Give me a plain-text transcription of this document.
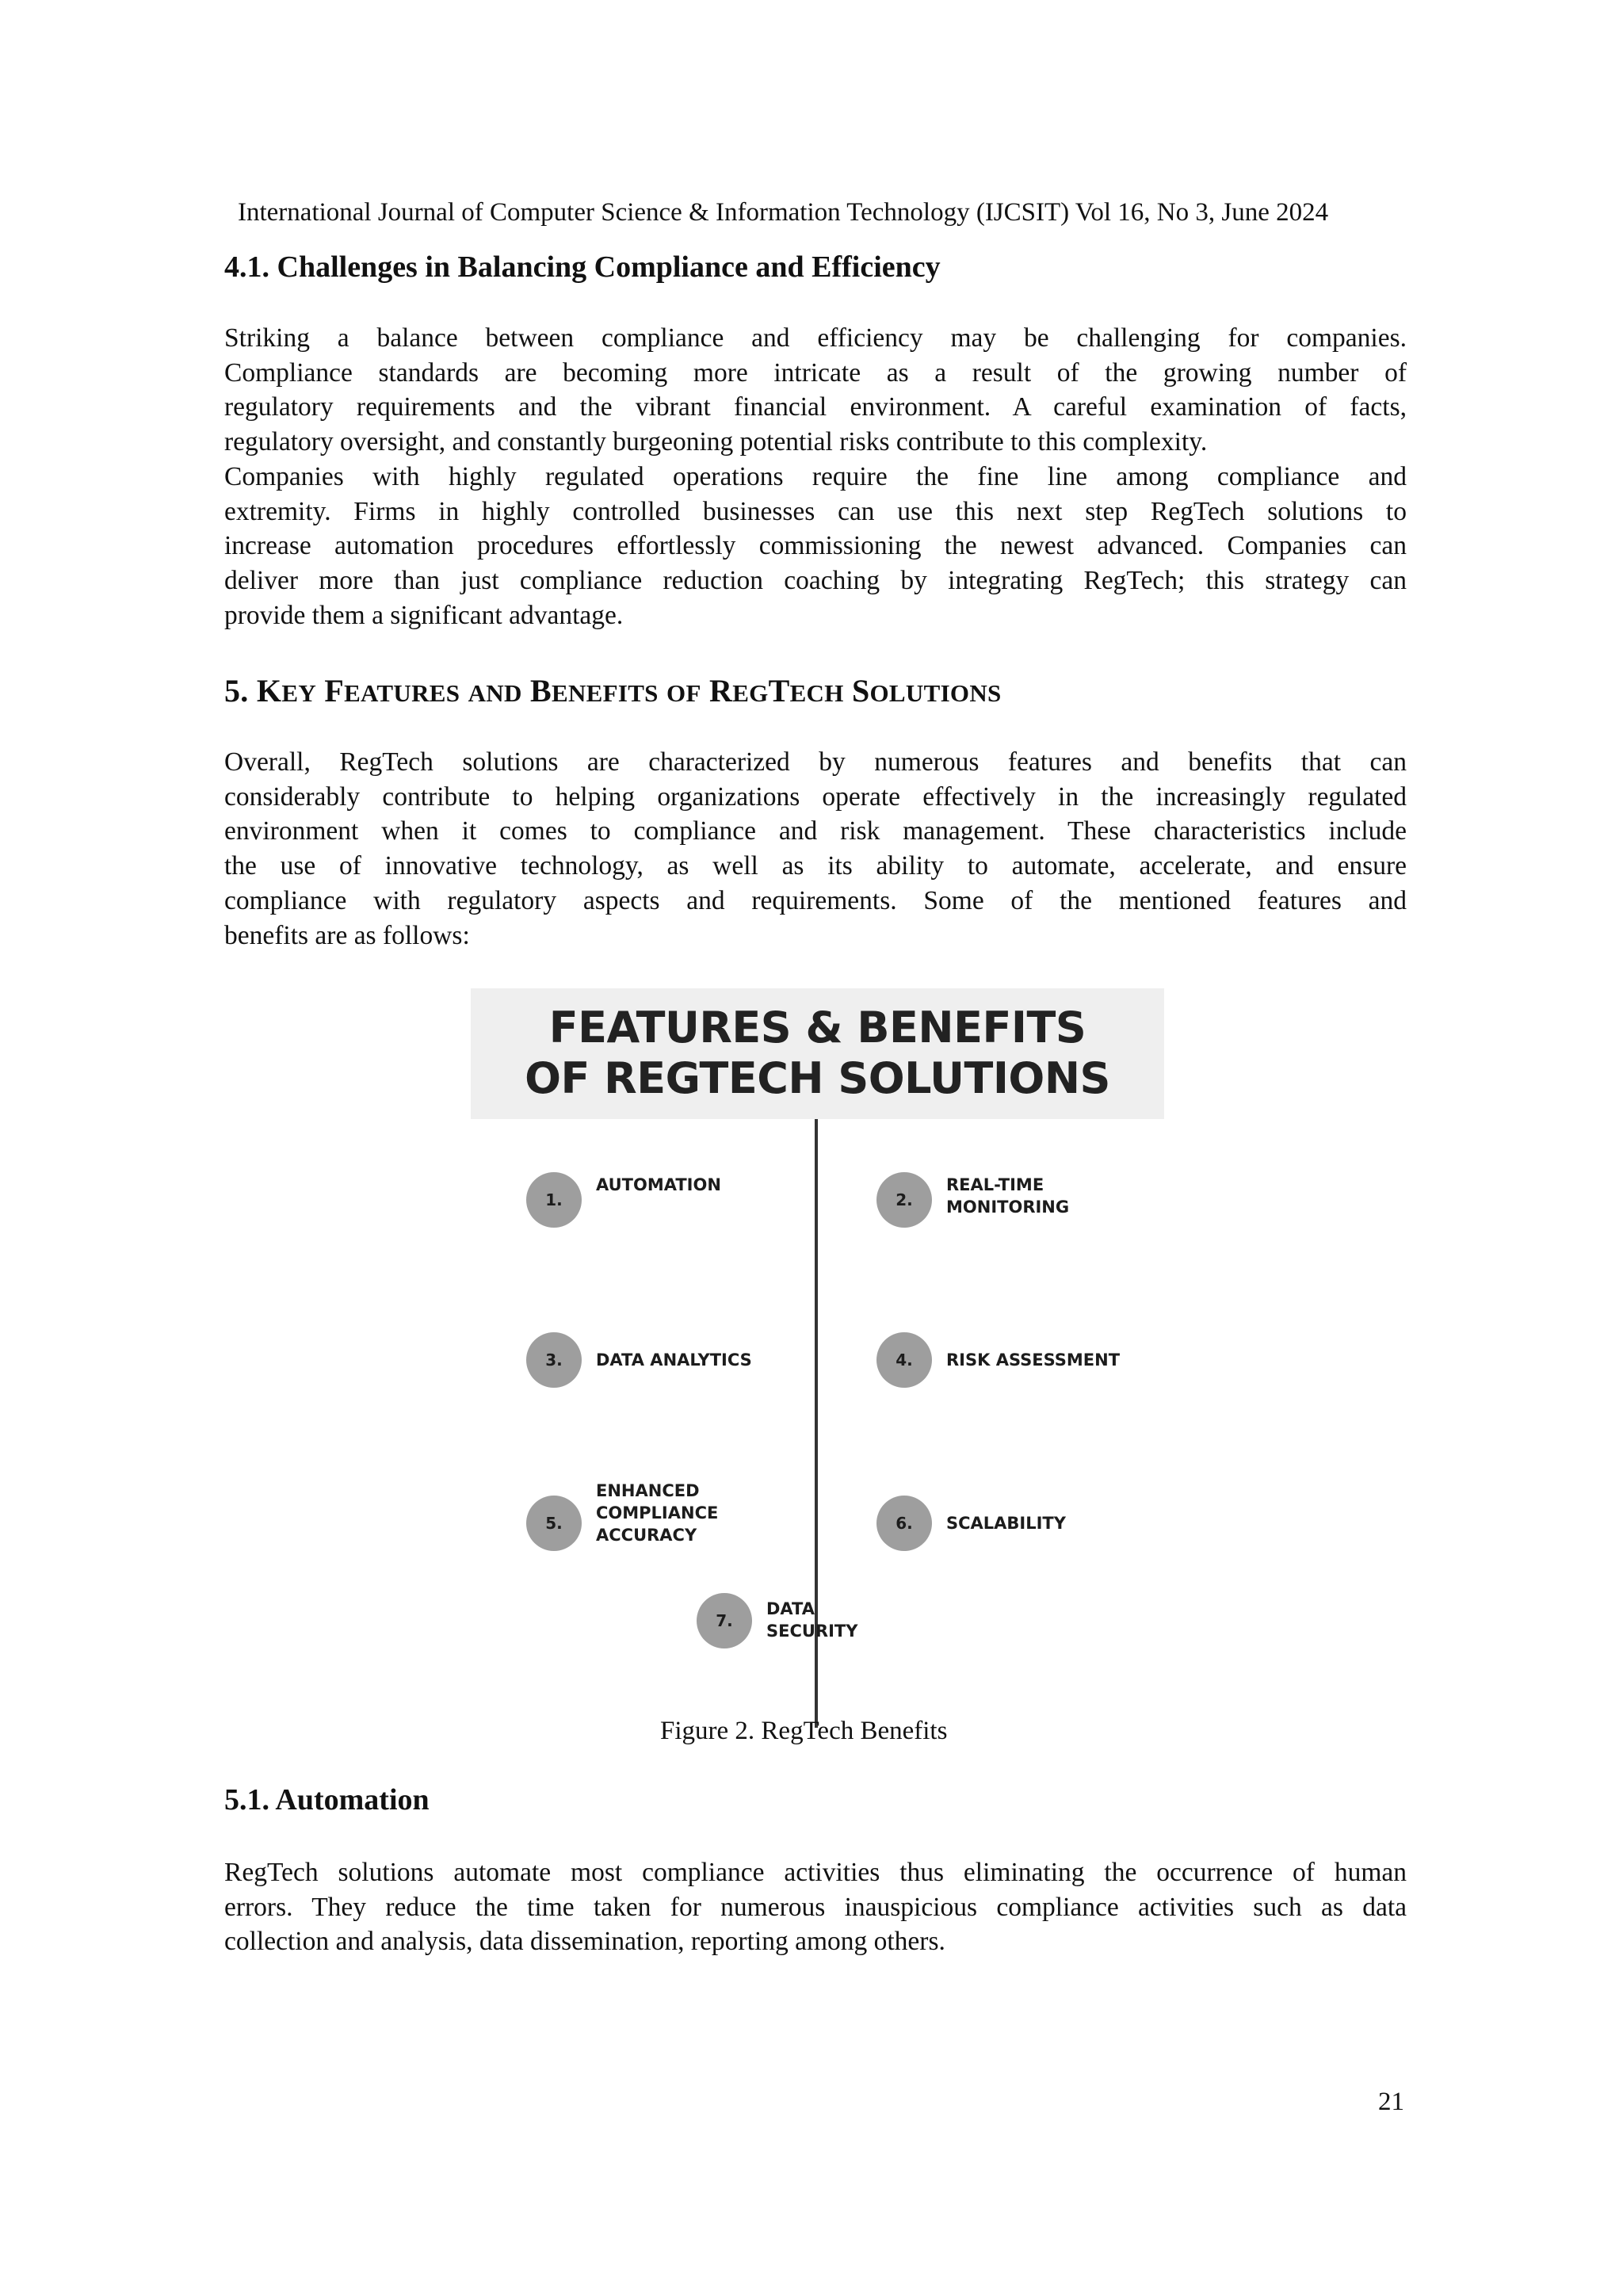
International Journal of Computer Science & Information Technology (IJCSIT) Vol 16, No 3, June 2024
4.1. Challenges in Balancing Compliance and Efficiency
Striking a balance between compliance and efficiency may be challenging for companies.
Compliance standards are becoming more intricate as a result of the growing number of
regulatory requirements and the vibrant financial environment. A careful examination of facts,
regulatory oversight, and constantly burgeoning potential risks contribute to this complexity.
Companies with highly regulated operations require the fine line among compliance and
extremity. Firms in highly controlled businesses can use this next step RegTech solutions to
increase automation procedures effortlessly commissioning the newest advanced. Companies can
deliver more than just compliance reduction coaching by integrating RegTech; this strategy can
provide them a significant advantage.
5. KEY FEATURES AND BENEFITS OF REGTECH SOLUTIONS
Overall, RegTech solutions are characterized by numerous features and benefits that can
considerably contribute to helping organizations operate effectively in the increasingly regulated
environment when it comes to compliance and risk management. These characteristics include
the use of innovative technology, as well as its ability to automate, accelerate, and ensure
compliance with regulatory aspects and requirements. Some of the mentioned features and
benefits are as follows:
FEATURES & BENEFITS
OF REGTECH SOLUTIONS
1.
AUTOMATION
2.
REAL-TIME
MONITORING
3.	DATA ANALYTICS	4.	RISK ASSESSMENT
5.
ENHANCED
COMPLIANCE
ACCURACY
6.	SCALABILITY
7.
DATA
SECURITY
Figure 2. RegTech Benefits
5.1. Automation
RegTech solutions automate most compliance activities thus eliminating the occurrence of human
errors. They reduce the time taken for numerous inauspicious compliance activities such as data
collection and analysis, data dissemination, reporting among others.
21
